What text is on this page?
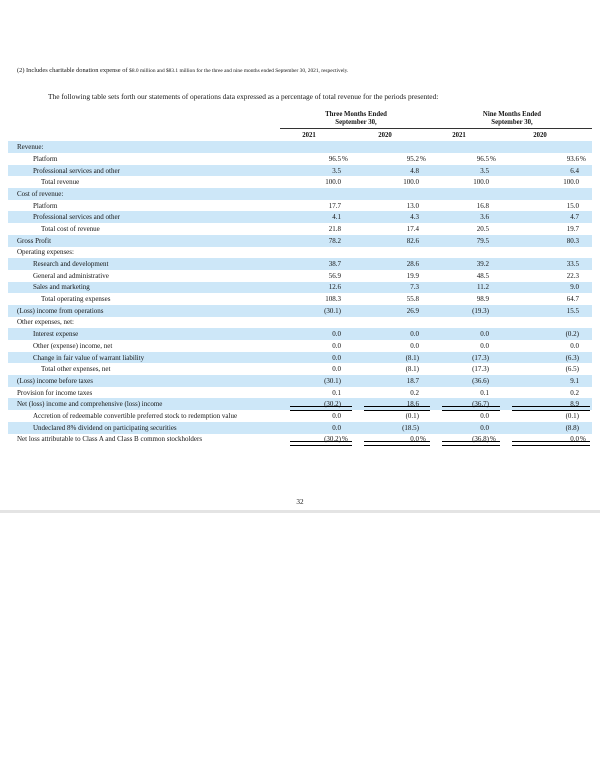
(2) Includes charitable donation expense of $8.0 million and $83.1 million for the three and nine months ended September 30, 2021, respectively.
The following table sets forth our statements of operations data expressed as a percentage of total revenue for the periods presented:
Three Months Ended
September 30,
Nine Months Ended
September 30,
2021	2020	2021	2020
Revenue:
Platform	96.5 %	95.2 %	96.5 %	93.6 %
Professional services and other	3.5	4.8	3.5	6.4
Total revenue	100.0	100.0	100.0	100.0
Cost of revenue:
Platform	17.7	13.0	16.8	15.0
Professional services and other	4.1	4.3	3.6	4.7
Total cost of revenue	21.8	17.4	20.5	19.7
Gross Profit	78.2	82.6	79.5	80.3
Operating expenses:
Research and development	38.7	28.6	39.2	33.5
General and administrative	56.9	19.9	48.5	22.3
Sales and marketing	12.6	7.3	11.2	9.0
Total operating expenses	108.3	55.8	98.9	64.7
(Loss) income from operations	(30.1)	26.9	(19.3)	15.5
Other expenses, net:
Interest expense	0.0	0.0	0.0	(0.2)
Other (expense) income, net	0.0	0.0	0.0	0.0
Change in fair value of warrant liability	0.0	(8.1)	(17.3)	(6.3)
Total other expenses, net	0.0	(8.1)	(17.3)	(6.5)
(Loss) income before taxes	(30.1)	18.7	(36.6)	9.1
Provision for income taxes	0.1	0.2	0.1	0.2
Net (loss) income and comprehensive (loss) income	(30.2)	18.6	(36.7)	8.9
Accretion of redeemable convertible preferred stock to redemption value	0.0	(0.1)	0.0	(0.1)
Undeclared 8% dividend on participating securities	0.0	(18.5)	0.0	(8.8)
Net loss attributable to Class A and Class B common stockholders	(30.2) %	0.0 %	(36.8) %	0.0 %
32
